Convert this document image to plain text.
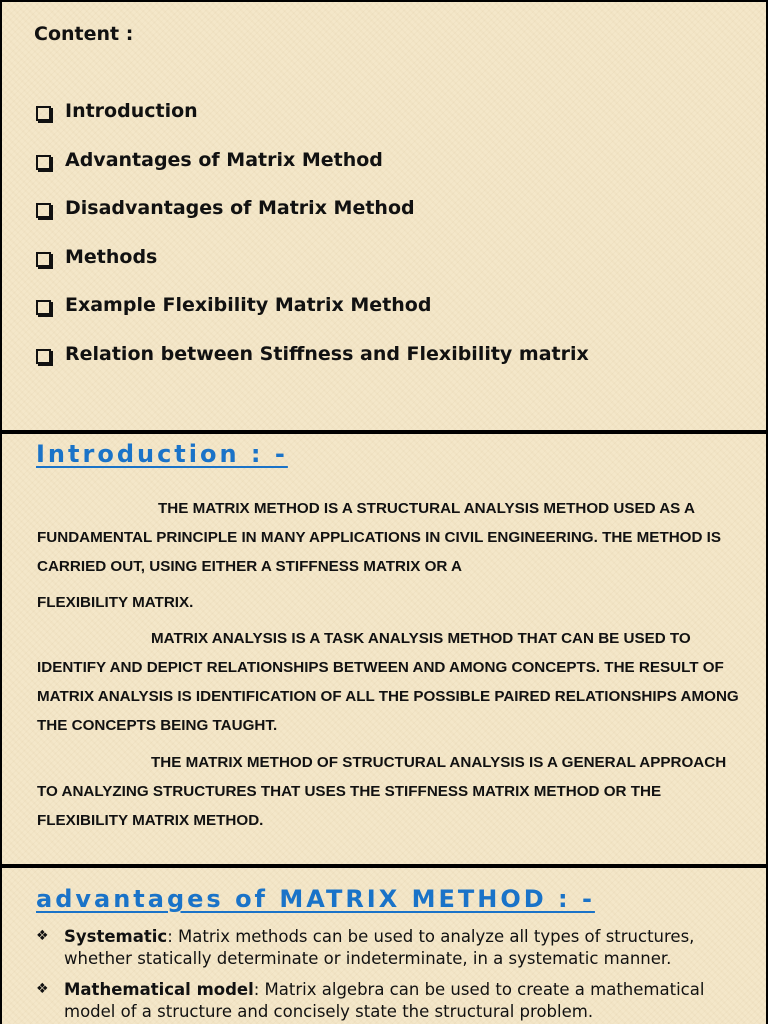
Content :
Introduction
Advantages of Matrix Method
Disadvantages of Matrix Method
Methods
Example Flexibility Matrix Method
Relation between Stiffness and Flexibility matrix
Introduction : -

THE MATRIX METHOD IS A STRUCTURAL ANALYSIS METHOD USED AS A FUNDAMENTAL PRINCIPLE IN MANY APPLICATIONS IN CIVIL ENGINEERING. THE METHOD IS CARRIED OUT, USING EITHER A STIFFNESS MATRIX OR A

FLEXIBILITY MATRIX.

MATRIX ANALYSIS IS A TASK ANALYSIS METHOD THAT CAN BE USED TO IDENTIFY AND DEPICT RELATIONSHIPS BETWEEN AND AMONG CONCEPTS. THE RESULT OF MATRIX ANALYSIS IS IDENTIFICATION OF ALL THE POSSIBLE PAIRED RELATIONSHIPS AMONG THE CONCEPTS BEING TAUGHT.

THE MATRIX METHOD OF STRUCTURAL ANALYSIS IS A GENERAL APPROACH TO ANALYZING STRUCTURES THAT USES THE STIFFNESS MATRIX METHOD OR THE FLEXIBILITY MATRIX METHOD.

advantages of MATRIX METHOD : -
❖ Systematic: Matrix methods can be used to analyze all types of structures, whether statically determinate or indeterminate, in a systematic manner.
❖ Mathematical model: Matrix algebra can be used to create a mathematical model of a structure and concisely state the structural problem.
